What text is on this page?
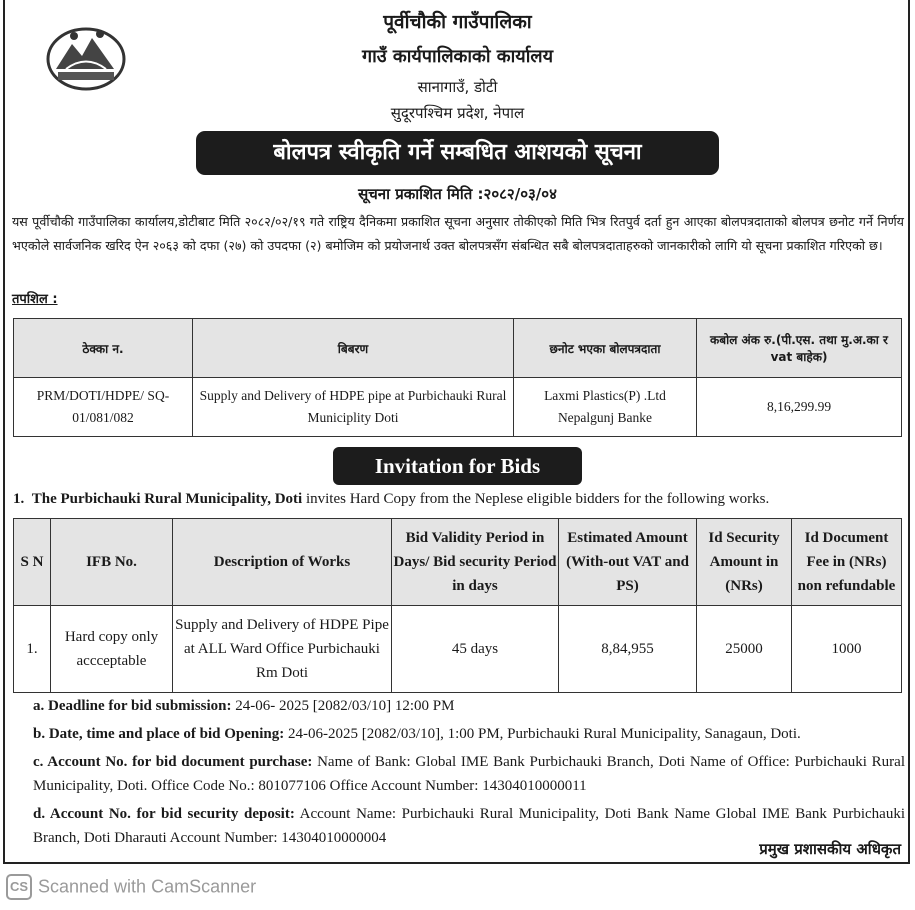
पूर्वीचौकी गाउँपालिका
गाउँ कार्यपालिकाको कार्यालय
सानागाउँ, डोटी
सुदूरपश्चिम प्रदेश, नेपाल
बोलपत्र स्वीकृति गर्ने सम्बधित आशयको सूचना
सूचना प्रकाशित मिति :२०८२/०३/०४
यस पूर्वीचौकी गाउँपालिका कार्यालय,डोटीबाट मिति २०८२/०२/१९ गते राष्ट्रिय दैनिकमा प्रकाशित सूचना अनुसार तोकीएको मिति भित्र रितपुर्व दर्ता हुन आएका बोलपत्रदाताको बोलपत्र छनोट गर्ने निर्णय भएकोले सार्वजनिक खरिद ऐन २०६३ को दफा (२७) को उपदफा (२) बमोजिम को प्रयोजनार्थ उक्त बोलपत्रसँग संबन्धित सबै बोलपत्रदाताहरुको जानकारीको लागि यो सूचना प्रकाशित गरिएको छ।
तपशिल :
ठेक्का न.	बिबरण	छनोट भएका बोलपत्रदाता	कबोल अंक रु.(पी.एस. तथा मु.अ.का र vat बाहेक)
PRM/DOTI/HDPE/ SQ-01/081/082	Supply and Delivery of HDPE pipe at Purbichauki Rural Municiplity Doti	Laxmi Plastics(P) .Ltd Nepalgunj Banke	8,16,299.99
Invitation for Bids
1. The Purbichauki Rural Municipality, Doti invites Hard Copy from the Neplese eligible bidders for the following works.
S N	IFB No.	Description of Works	Bid Validity Period in Days/ Bid security Period in days	Estimated Amount (With-out VAT and PS)	Id Security Amount in (NRs)	Id Document Fee in (NRs) non refundable
1.	Hard copy only accceptable	Supply and Delivery of HDPE Pipe at ALL Ward Office Purbichauki Rm Doti	45 days	8,84,955	25000	1000
a. Deadline for bid submission: 24-06- 2025 [2082/03/10] 12:00 PM
b. Date, time and place of bid Opening: 24-06-2025 [2082/03/10], 1:00 PM, Purbichauki Rural Municipality, Sanagaun, Doti.
c. Account No. for bid document purchase: Name of Bank: Global IME Bank Purbichauki Branch, Doti Name of Office: Purbichauki Rural Municipality, Doti. Office Code No.: 801077106 Office Account Number: 14304010000011
d. Account No. for bid security deposit: Account Name: Purbichauki Rural Municipality, Doti Bank Name Global IME Bank Purbichauki Branch, Doti Dharauti Account Number: 14304010000004
प्रमुख प्रशासकीय अधिकृत
CS Scanned with CamScanner
